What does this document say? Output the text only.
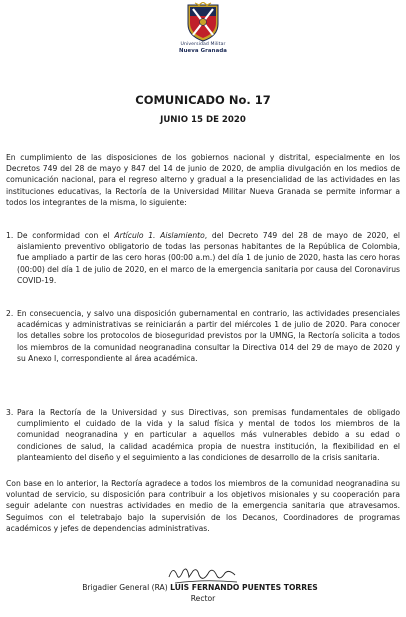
Universidad Militar
Nueva Granada
COMUNICADO No. 17
JUNIO 15 DE 2020
En cumplimiento de las disposiciones de los gobiernos nacional y distrital, especialmente en los Decretos 749 del 28 de mayo y 847 del 14 de junio de 2020, de amplia divulgación en los medios de comunicación nacional, para el regreso alterno y gradual a la presencialidad de las actividades en las instituciones educativas, la Rectoría de la Universidad Militar Nueva Granada se permite informar a todos los integrantes de la misma, lo siguiente:
1. De conformidad con el Artículo 1. Aislamiento, del Decreto 749 del 28 de mayo de 2020, el aislamiento preventivo obligatorio de todas las personas habitantes de la República de Colombia, fue ampliado a partir de las cero horas (00:00 a.m.) del día 1 de junio de 2020, hasta las cero horas (00:00) del día 1 de julio de 2020, en el marco de la emergencia sanitaria por causa del Coronavirus COVID-19.
2. En consecuencia, y salvo una disposición gubernamental en contrario, las actividades presenciales académicas y administrativas se reiniciarán a partir del miércoles 1 de julio de 2020. Para conocer los detalles sobre los protocolos de bioseguridad previstos por la UMNG, la Rectoría solicita a todos los miembros de la comunidad neogranadina consultar la Directiva 014 del 29 de mayo de 2020 y su Anexo I, correspondiente al área académica.
3. Para la Rectoría de la Universidad y sus Directivas, son premisas fundamentales de obligado cumplimiento el cuidado de la vida y la salud física y mental de todos los miembros de la comunidad neogranadina y en particular a aquellos más vulnerables debido a su edad o condiciones de salud, la calidad académica propia de nuestra institución, la flexibilidad en el planteamiento del diseño y el seguimiento a las condiciones de desarrollo de la crisis sanitaria.
Con base en lo anterior, la Rectoría agradece a todos los miembros de la comunidad neogranadina su voluntad de servicio, su disposición para contribuir a los objetivos misionales y su cooperación para seguir adelante con nuestras actividades en medio de la emergencia sanitaria que atravesamos. Seguimos con el teletrabajo bajo la supervisión de los Decanos, Coordinadores de programas académicos y jefes de dependencias administrativas.
Brigadier General (RA) LUIS FERNANDO PUENTES TORRES
Rector
